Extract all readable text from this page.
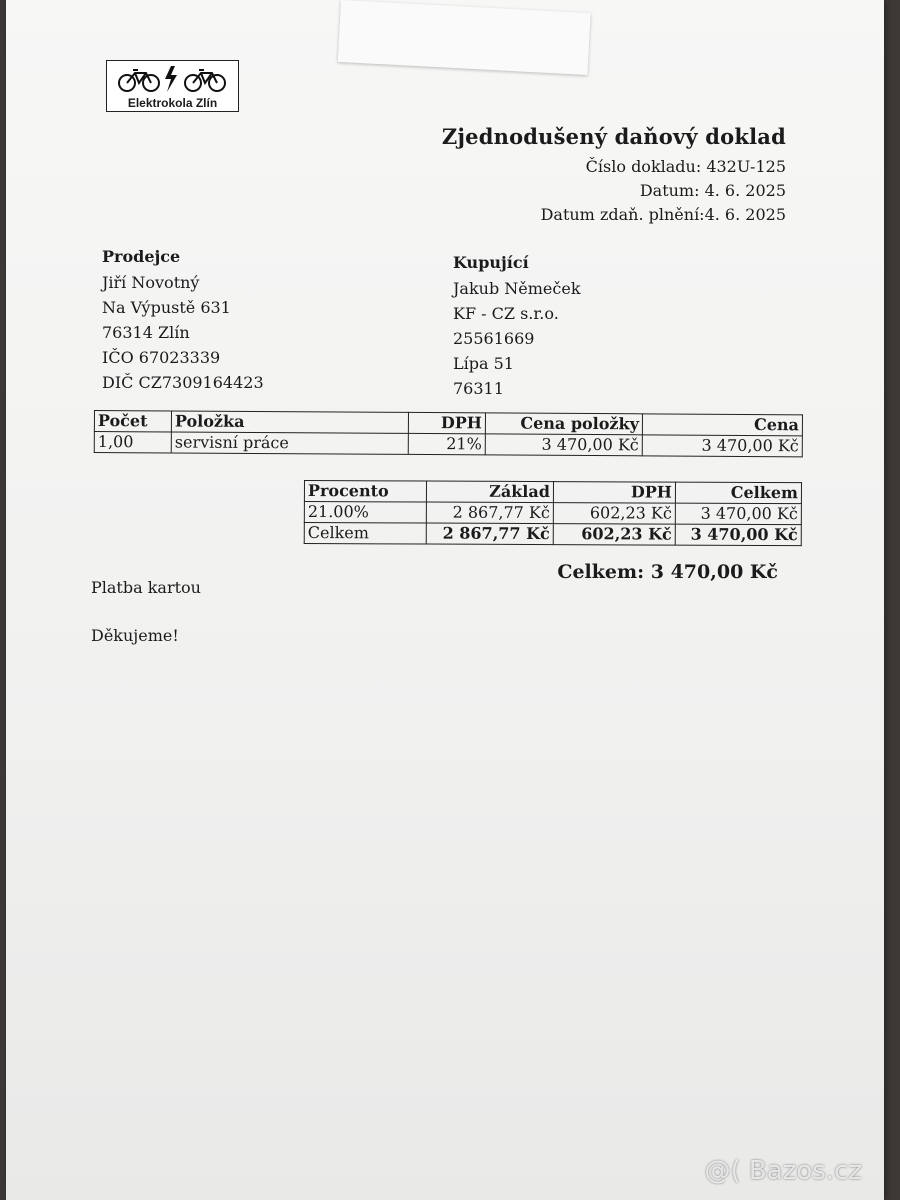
Elektrokola Zlín
Zjednodušený daňový doklad
Číslo dokladu: 432U-125
Datum: 4. 6. 2025
Datum zdaň. plnění:4. 6. 2025
Prodejce
Jiří Novotný
Na Výpustě 631
76314 Zlín
IČO 67023339
DIČ CZ7309164423
Kupující
Jakub Němeček
KF - CZ s.r.o.
25561669
Lípa 51
76311
Počet	Položka	DPH	Cena položky	Cena
1,00	servisní práce	21%	3 470,00 Kč	3 470,00 Kč
Procento	Základ	DPH	Celkem
21.00%	2 867,77 Kč	602,23 Kč	3 470,00 Kč
Celkem	2 867,77 Kč	602,23 Kč	3 470,00 Kč
Celkem: 3 470,00 Kč
Platba kartou
Děkujeme!
@( Bazos.cz
